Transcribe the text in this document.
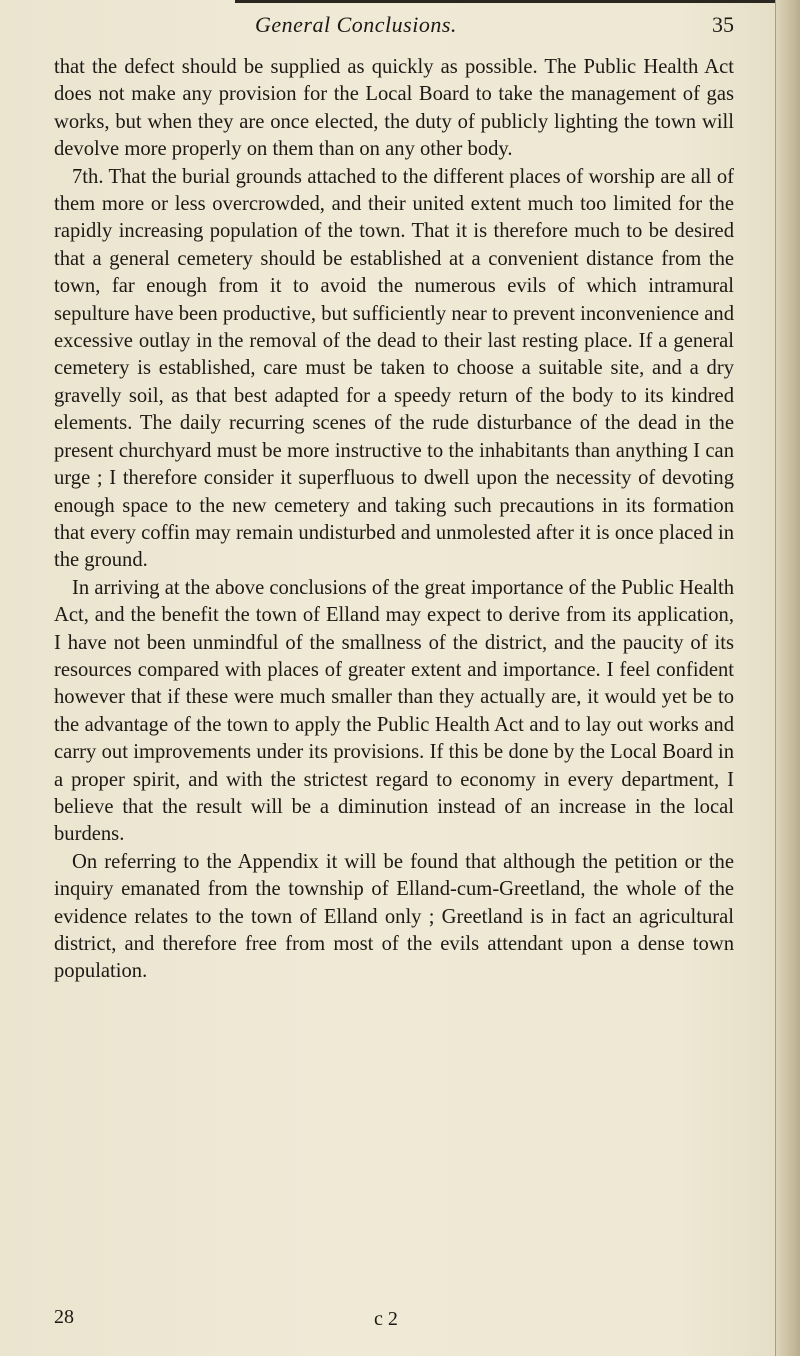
General Conclusions.	35

that the defect should be supplied as quickly as possible. The Public Health Act does not make any provision for the Local Board to take the management of gas works, but when they are once elected, the duty of publicly lighting the town will devolve more properly on them than on any other body.

7th. That the burial grounds attached to the different places of worship are all of them more or less overcrowded, and their united extent much too limited for the rapidly increasing population of the town. That it is therefore much to be desired that a general cemetery should be established at a convenient distance from the town, far enough from it to avoid the numerous evils of which intramural sepulture have been productive, but sufficiently near to prevent inconvenience and excessive outlay in the removal of the dead to their last resting place. If a general cemetery is established, care must be taken to choose a suitable site, and a dry gravelly soil, as that best adapted for a speedy return of the body to its kindred elements. The daily recurring scenes of the rude disturbance of the dead in the present churchyard must be more instructive to the inhabitants than anything I can urge ; I therefore consider it superfluous to dwell upon the necessity of devoting enough space to the new cemetery and taking such precautions in its formation that every coffin may remain undisturbed and unmolested after it is once placed in the ground.

In arriving at the above conclusions of the great importance of the Public Health Act, and the benefit the town of Elland may expect to derive from its application, I have not been unmindful of the smallness of the district, and the paucity of its resources compared with places of greater extent and importance. I feel confident however that if these were much smaller than they actually are, it would yet be to the advantage of the town to apply the Public Health Act and to lay out works and carry out improvements under its provisions. If this be done by the Local Board in a proper spirit, and with the strictest regard to economy in every department, I believe that the result will be a diminution instead of an increase in the local burdens.

On referring to the Appendix it will be found that although the petition or the inquiry emanated from the township of Elland-cum-Greetland, the whole of the evidence relates to the town of Elland only ; Greetland is in fact an agricultural district, and therefore free from most of the evils attendant upon a dense town population.

28	c 2
